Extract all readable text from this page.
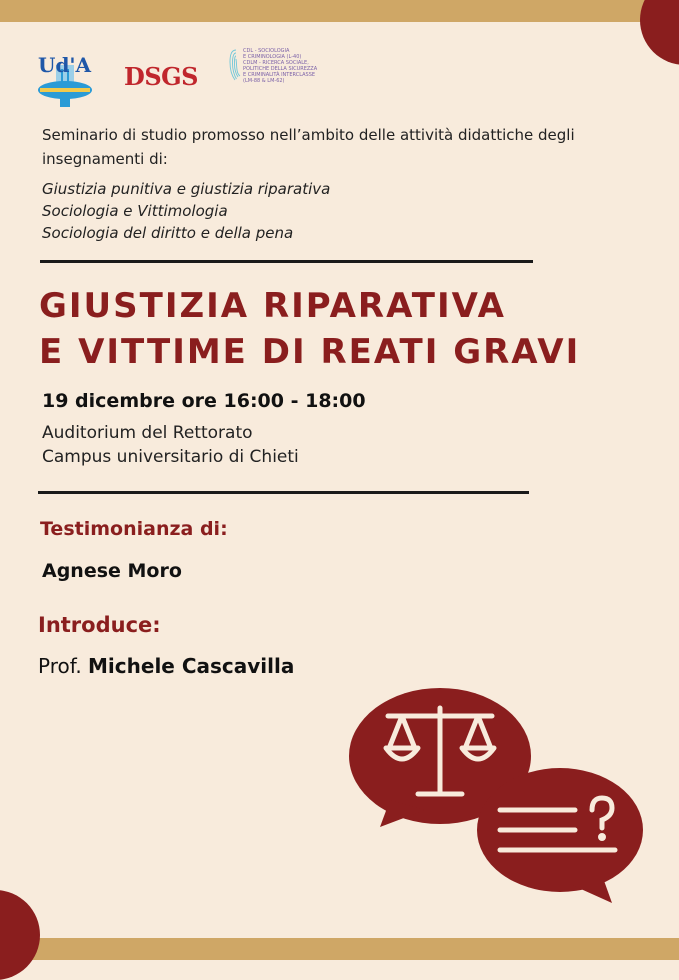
Ud'A DSGS
CDL - SOCIOLOGIA
E CRIMINOLOGIA (L-40)
CDLM - RICERCA SOCIALE,
POLITICHE DELLA SICUREZZA
E CRIMINALITÀ INTERCLASSE
(LM-88 & LM-62)

Seminario di studio promosso nell’ambito delle attività didattiche degli insegnamenti di:

Giustizia punitiva e giustizia riparativa
Sociologia e Vittimologia
Sociologia del diritto e della pena
GIUSTIZIA RIPARATIVA
E VITTIME DI REATI GRAVI
19 dicembre ore 16:00 - 18:00
Auditorium del Rettorato
Campus universitario di Chieti
Testimonianza di:
Agnese Moro
Introduce:
Prof. Michele Cascavilla
